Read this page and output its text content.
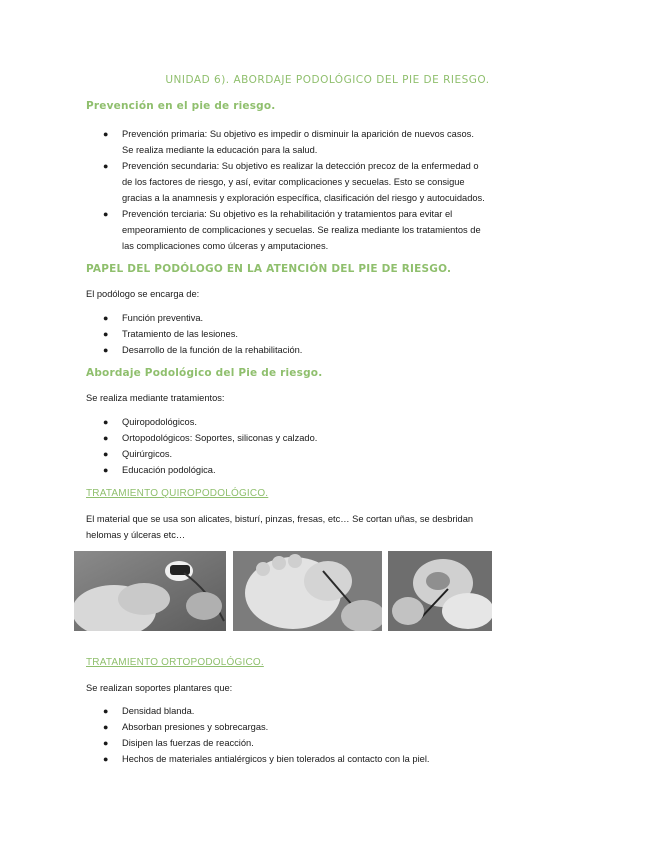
UNIDAD 6). ABORDAJE PODOLÓGICO DEL PIE DE RIESGO.
Prevención en el pie de riesgo.
● Prevención primaria: Su objetivo es impedir o disminuir la aparición de nuevos casos.
Se realiza mediante la educación para la salud.
● Prevención secundaria: Su objetivo es realizar la detección precoz de la enfermedad o
de los factores de riesgo, y así, evitar complicaciones y secuelas. Esto se consigue
gracias a la anamnesis y exploración específica, clasificación del riesgo y autocuidados.
● Prevención terciaria: Su objetivo es la rehabilitación y tratamientos para evitar el
empeoramiento de complicaciones y secuelas. Se realiza mediante los tratamientos de
las complicaciones como úlceras y amputaciones.
PAPEL DEL PODÓLOGO EN LA ATENCIÓN DEL PIE DE RIESGO.
El podólogo se encarga de:
● Función preventiva.
● Tratamiento de las lesiones.
● Desarrollo de la función de la rehabilitación.
Abordaje Podológico del Pie de riesgo.
Se realiza mediante tratamientos:
● Quiropodológicos.
● Ortopodológicos: Soportes, siliconas y calzado.
● Quirúrgicos.
● Educación podológica.
TRATAMIENTO QUIROPODOLÓGICO.
El material que se usa son alicates, bisturí, pinzas, fresas, etc… Se cortan uñas, se desbridan
helomas y úlceras etc…
TRATAMIENTO ORTOPODOLÓGICO.
Se realizan soportes plantares que:
● Densidad blanda.
● Absorban presiones y sobrecargas.
● Disipen las fuerzas de reacción.
● Hechos de materiales antialérgicos y bien tolerados al contacto con la piel.
